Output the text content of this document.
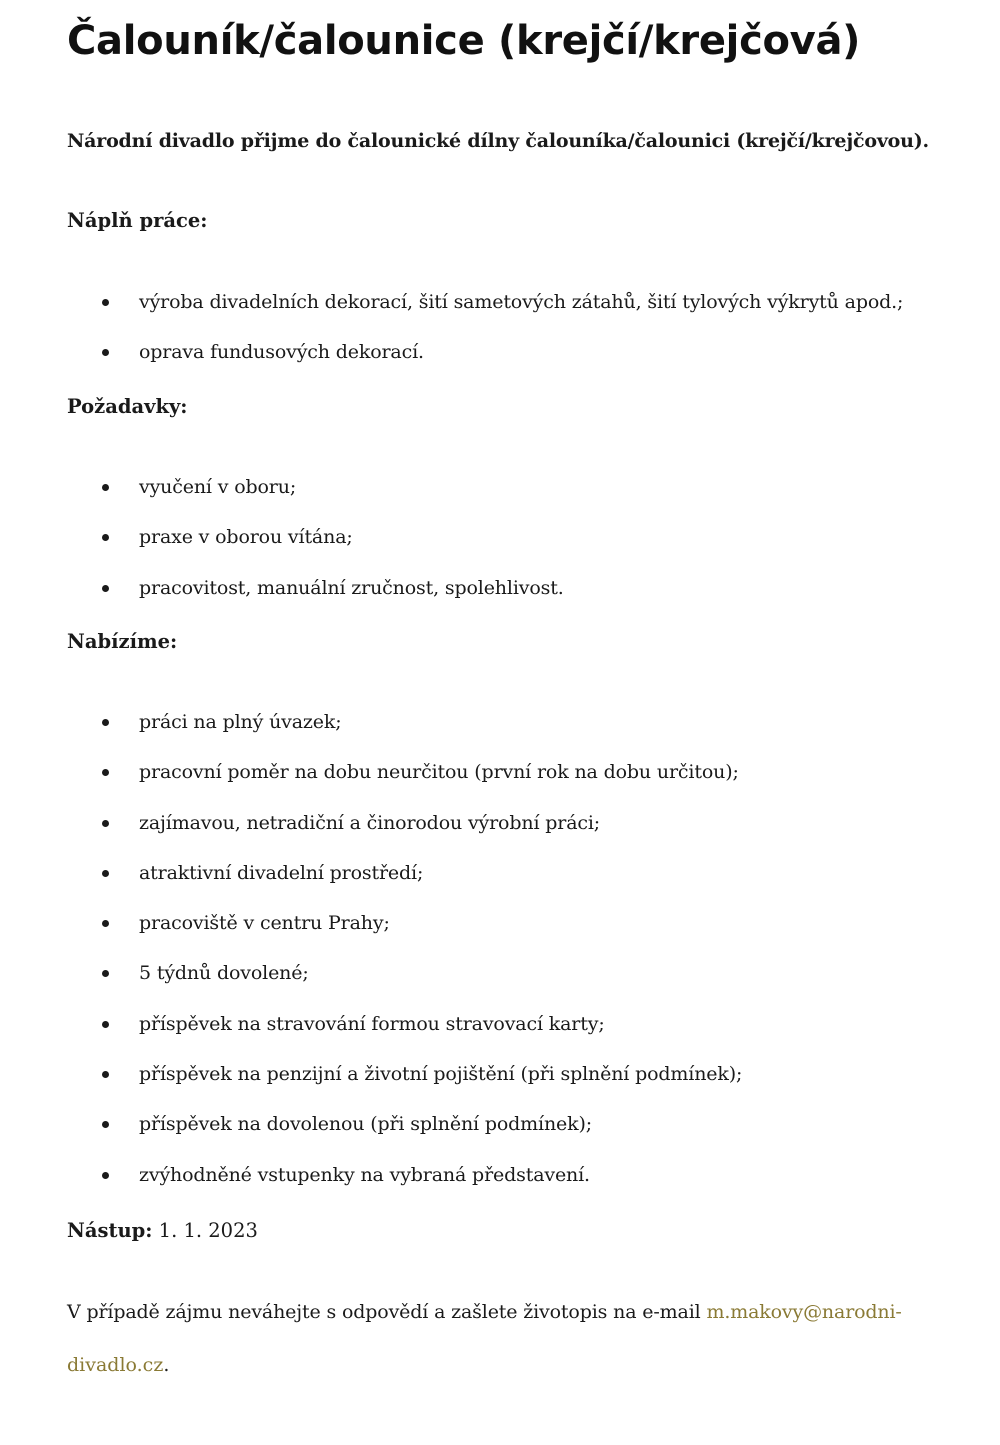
Čalouník/čalounice (krejčí/krejčová)
Národní divadlo přijme do čalounické dílny čalouníka/čalounici (krejčí/krejčovou).
Náplň práce:
výroba divadelních dekorací, šití sametových zátahů, šití tylových výkrytů apod.;
oprava fundusových dekorací.
Požadavky:
vyučení v oboru;
praxe v oborou vítána;
pracovitost, manuální zručnost, spolehlivost.
Nabízíme:
práci na plný úvazek;
pracovní poměr na dobu neurčitou (první rok na dobu určitou);
zajímavou, netradiční a činorodou výrobní práci;
atraktivní divadelní prostředí;
pracoviště v centru Prahy;
5 týdnů dovolené;
příspěvek na stravování formou stravovací karty;
příspěvek na penzijní a životní pojištění (při splnění podmínek);
příspěvek na dovolenou (při splnění podmínek);
zvýhodněné vstupenky na vybraná představení.
Nástup: 1. 1. 2023
V případě zájmu neváhejte s odpovědí a zašlete životopis na e-mail m.makovy@narodni-
divadlo.cz.
